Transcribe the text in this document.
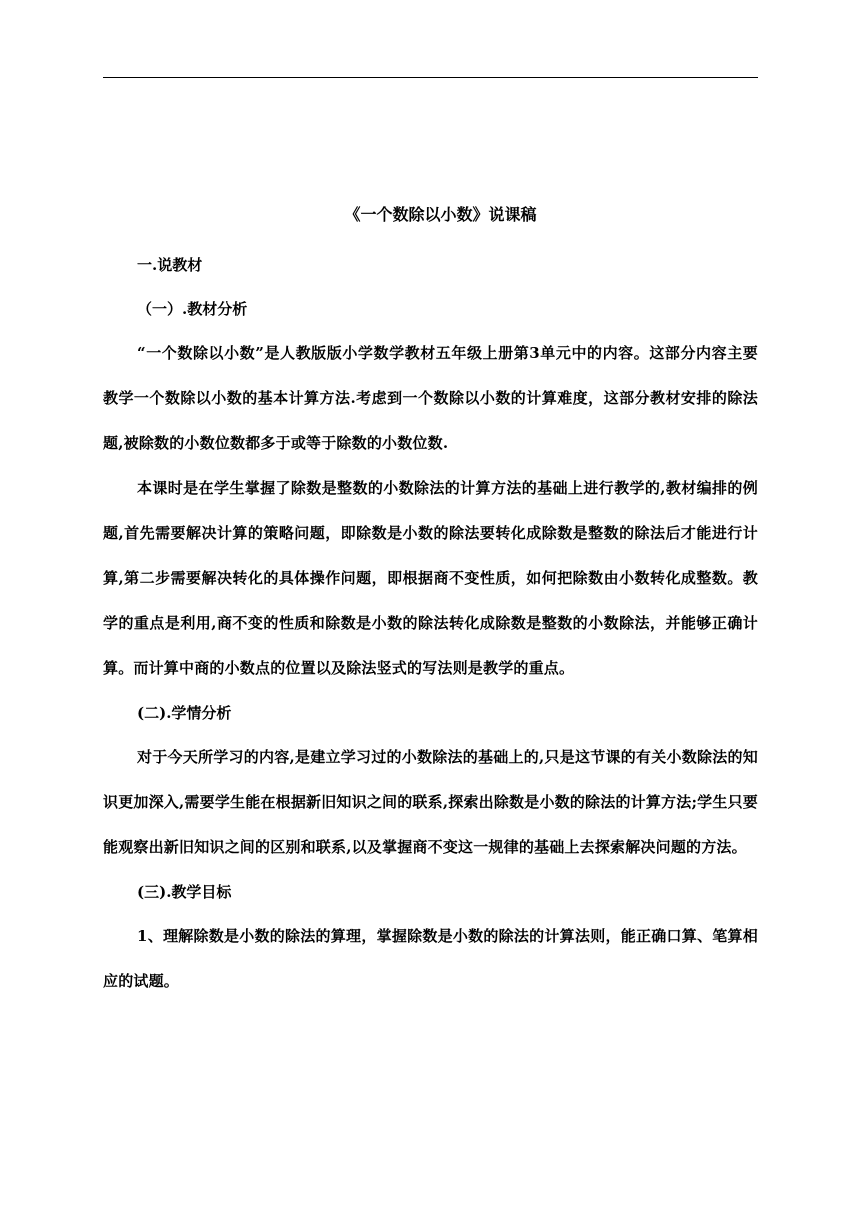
《一个数除以小数》说课稿
一.说教材
（一）.教材分析

“一个数除以小数”是人教版版小学数学教材五年级上册第3单元中的内容。这部分内容主要教学一个数除以小数的基本计算方法.考虑到一个数除以小数的计算难度，这部分教材安排的除法题,被除数的小数位数都多于或等于除数的小数位数.

本课时是在学生掌握了除数是整数的小数除法的计算方法的基础上进行教学的,教材编排的例题,首先需要解决计算的策略问题，即除数是小数的除法要转化成除数是整数的除法后才能进行计算,第二步需要解决转化的具体操作问题，即根据商不变性质，如何把除数由小数转化成整数。教学的重点是利用,商不变的性质和除数是小数的除法转化成除数是整数的小数除法，并能够正确计算。而计算中商的小数点的位置以及除法竖式的写法则是教学的重点。

(二).学情分析

对于今天所学习的内容,是建立学习过的小数除法的基础上的,只是这节课的有关小数除法的知识更加深入,需要学生能在根据新旧知识之间的联系,探索出除数是小数的除法的计算方法;学生只要能观察出新旧知识之间的区别和联系,以及掌握商不变这一规律的基础上去探索解决问题的方法。

(三).教学目标

1、理解除数是小数的除法的算理，掌握除数是小数的除法的计算法则，能正确口算、笔算相应的试题。
